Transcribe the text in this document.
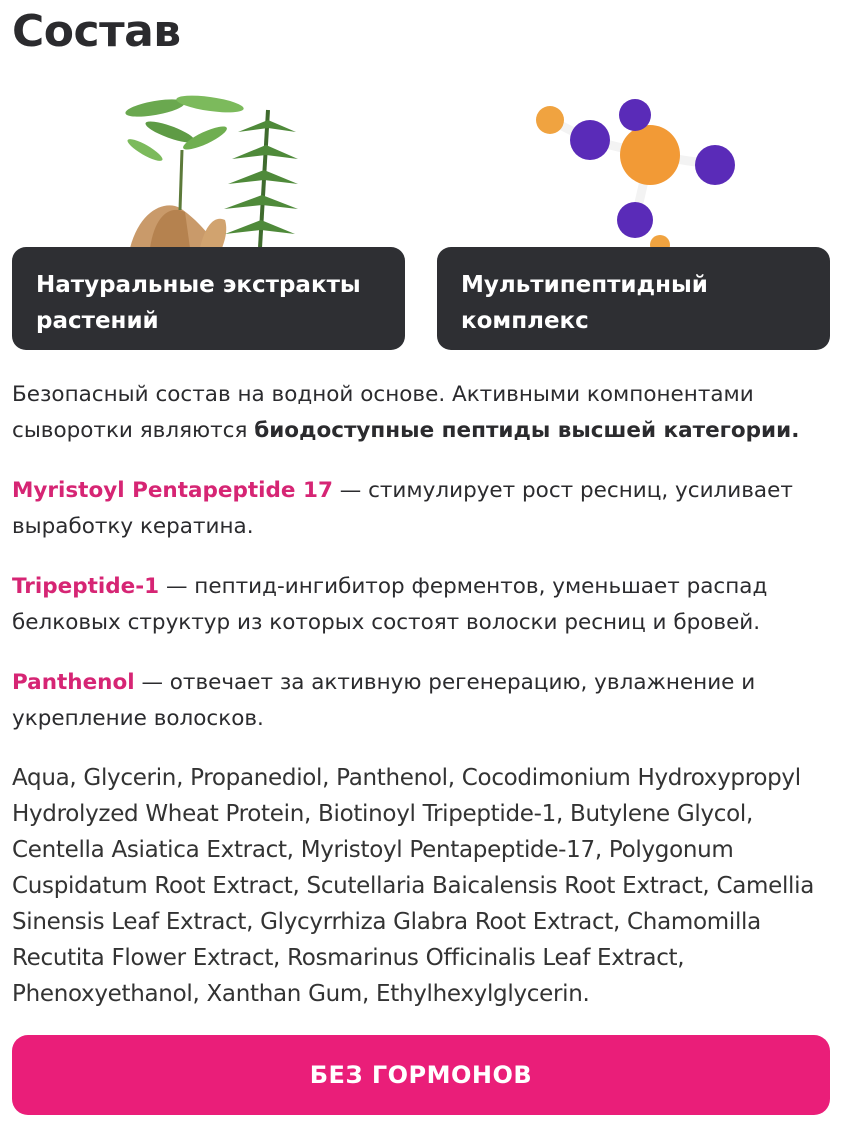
Состав
Натуральные экстракты
растений
Мультипептидный
комплекс

Безопасный состав на водной основе. Активными компонентами сыворотки являются биодоступные пептиды высшей категории.

Myristoyl Pentapeptide 17 — стимулирует рост ресниц, усиливает выработку кератина.

Tripeptide-1 — пептид-ингибитор ферментов, уменьшает распад белковых структур из которых состоят волоски ресниц и бровей.

Panthenol — отвечает за активную регенерацию, увлажнение и укрепление волосков.

Aqua, Glycerin, Propanediol, Panthenol, Cocodimonium Hydroxypropyl Hydrolyzed Wheat Protein, Biotinoyl Tripeptide-1, Butylene Glycol, Centella Asiatica Extract, Myristoyl Pentapeptide-17, Polygonum Cuspidatum Root Extract, Scutellaria Baicalensis Root Extract, Camellia Sinensis Leaf Extract, Glycyrrhiza Glabra Root Extract, Chamomilla Recutita Flower Extract, Rosmarinus Officinalis Leaf Extract, Phenoxyethanol, Xanthan Gum, Ethylhexylglycerin.

БЕЗ ГОРМОНОВ
